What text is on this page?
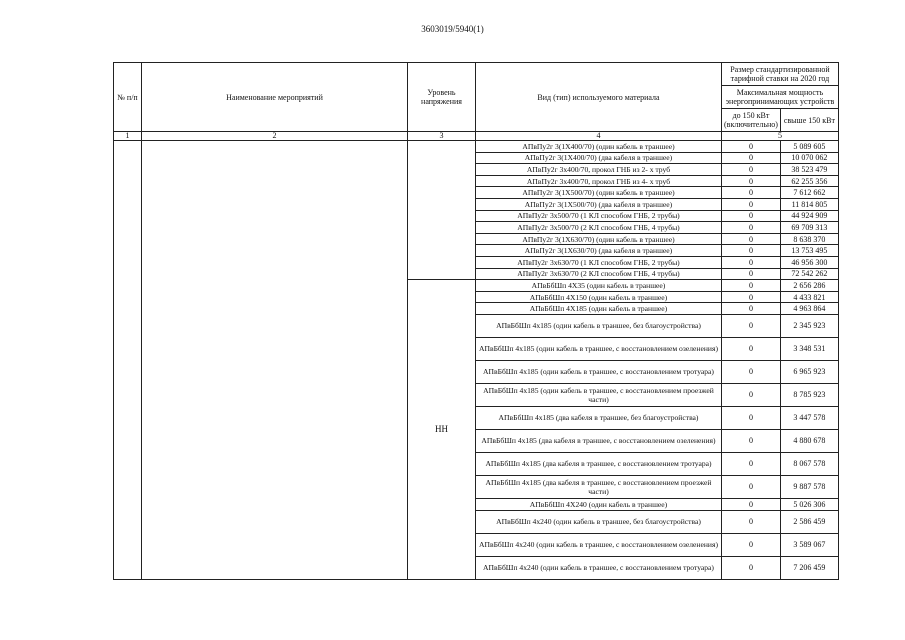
3603019/5940(1)
№ п/п	Наименование мероприятий	Уровень напряжения	Вид (тип) используемого материала	Размер стандартизированной тарифной ставки на 2020 год	
				Максимальная мощность энергопринимающих устройств	
				до 150 кВт (включительно)	свыше 150 кВт
1	2	3	4	5	
			АПвПу2г 3(1X400/70) (один кабель в траншее)	0	5 089 605
			АПвПу2г 3(1X400/70) (два кабеля в траншее)	0	10 070 062
			АПвПу2г 3x400/70, прокол ГНБ из 2- х труб	0	38 523 479
			АПвПу2г 3x400/70, прокол ГНБ из 4- х труб	0	62 255 356
			АПвПу2г 3(1X500/70) (один кабель в траншее)	0	7 612 662
			АПвПу2г 3(1X500/70) (два кабеля в траншее)	0	11 814 805
			АПвПу2г 3x500/70 (1 КЛ способом ГНБ, 2 трубы)	0	44 924 909
			АПвПу2г 3x500/70 (2 КЛ способом ГНБ, 4 трубы)	0	69 709 313
			АПвПу2г 3(1X630/70) (один кабель в траншее)	0	8 638 370
			АПвПу2г 3(1X630/70) (два кабеля в траншее)	0	13 753 495
			АПвПу2г 3x630/70 (1 КЛ способом ГНБ, 2 трубы)	0	46 956 300
			АПвПу2г 3x630/70 (2 КЛ способом ГНБ, 4 трубы)	0	72 542 262
		НН	АПвБбШп 4X35 (один кабель в траншее)	0	2 656 286
			АПвБбШп 4X150 (один кабель в траншее)	0	4 433 821
			АПвБбШп 4X185 (один кабель в траншее)	0	4 963 864
			АПвБбШп 4x185 (один кабель в траншее, без благоустройства)	0	2 345 923
			АПвБбШп 4x185 (один кабель в траншее, с восстановлением озеленения)	0	3 348 531
			АПвБбШп 4x185 (один кабель в траншее, с восстановлением тротуара)	0	6 965 923
			АПвБбШп 4x185 (один кабель в траншее, с восстановлением проезжей части)	0	8 785 923
			АПвБбШп 4x185 (два кабеля в траншее, без благоустройства)	0	3 447 578
			АПвБбШп 4x185 (два кабеля в траншее, с восстановлением озеленения)	0	4 880 678
			АПвБбШп 4x185 (два кабеля в траншее, с восстановлением тротуара)	0	8 067 578
			АПвБбШп 4x185 (два кабеля в траншее, с восстановлением проезжей части)	0	9 887 578
			АПвБбШп 4X240 (один кабель в траншее)	0	5 026 306
			АПвБбШп 4x240 (один кабель в траншее, без благоустройства)	0	2 586 459
			АПвБбШп 4x240 (один кабель в траншее, с восстановлением озеленения)	0	3 589 067
			АПвБбШп 4x240 (один кабель в траншее, с восстановлением тротуара)	0	7 206 459
